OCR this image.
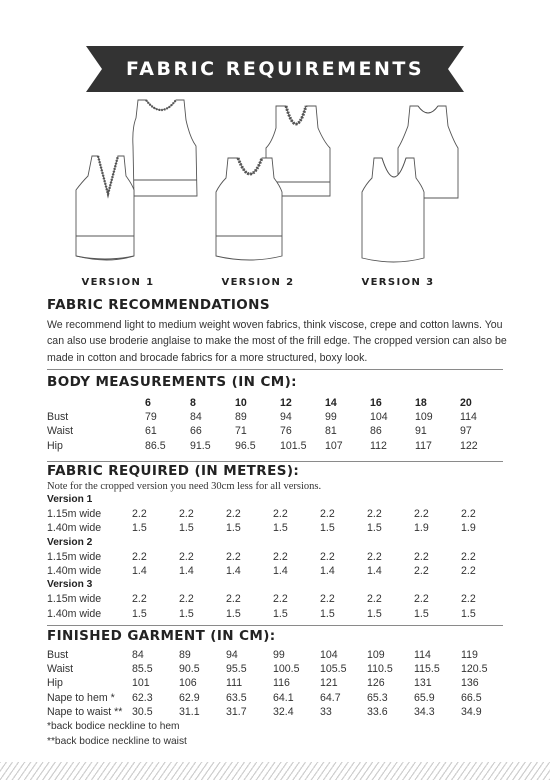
FABRIC REQUIREMENTS
VERSION 1	VERSION 2	VERSION 3
FABRIC RECOMMENDATIONS
We recommend light to medium weight woven fabrics, think viscose, crepe and cotton lawns. You can also use broderie anglaise to make the most of the frill edge. The cropped version can also be made in cotton and brocade fabrics for a more structured, boxy look.
BODY MEASUREMENTS (IN CM):
	6	8	10	12	14	16	18	20
Bust	79	84	89	94	99	104	109	114
Waist	61	66	71	76	81	86	91	97
Hip	86.5	91.5	96.5	101.5	107	112	117	122
FABRIC REQUIRED (IN METRES):
Note for the cropped version you need 30cm less for all versions.
Version 1								
1.15m wide	2.2	2.2	2.2	2.2	2.2	2.2	2.2	2.2
1.40m wide	1.5	1.5	1.5	1.5	1.5	1.5	1.9	1.9
Version 2								
1.15m wide	2.2	2.2	2.2	2.2	2.2	2.2	2.2	2.2
1.40m wide	1.4	1.4	1.4	1.4	1.4	1.4	2.2	2.2
Version 3								
1.15m wide	2.2	2.2	2.2	2.2	2.2	2.2	2.2	2.2
1.40m wide	1.5	1.5	1.5	1.5	1.5	1.5	1.5	1.5
FINISHED GARMENT (IN CM):
Bust	84	89	94	99	104	109	114	119
Waist	85.5	90.5	95.5	100.5	105.5	110.5	115.5	120.5
Hip	101	106	111	116	121	126	131	136
Nape to hem *	62.3	62.9	63.5	64.1	64.7	65.3	65.9	66.5
Nape to waist **	30.5	31.1	31.7	32.4	33	33.6	34.3	34.9
*back bodice neckline to hem
**back bodice neckline to waist
